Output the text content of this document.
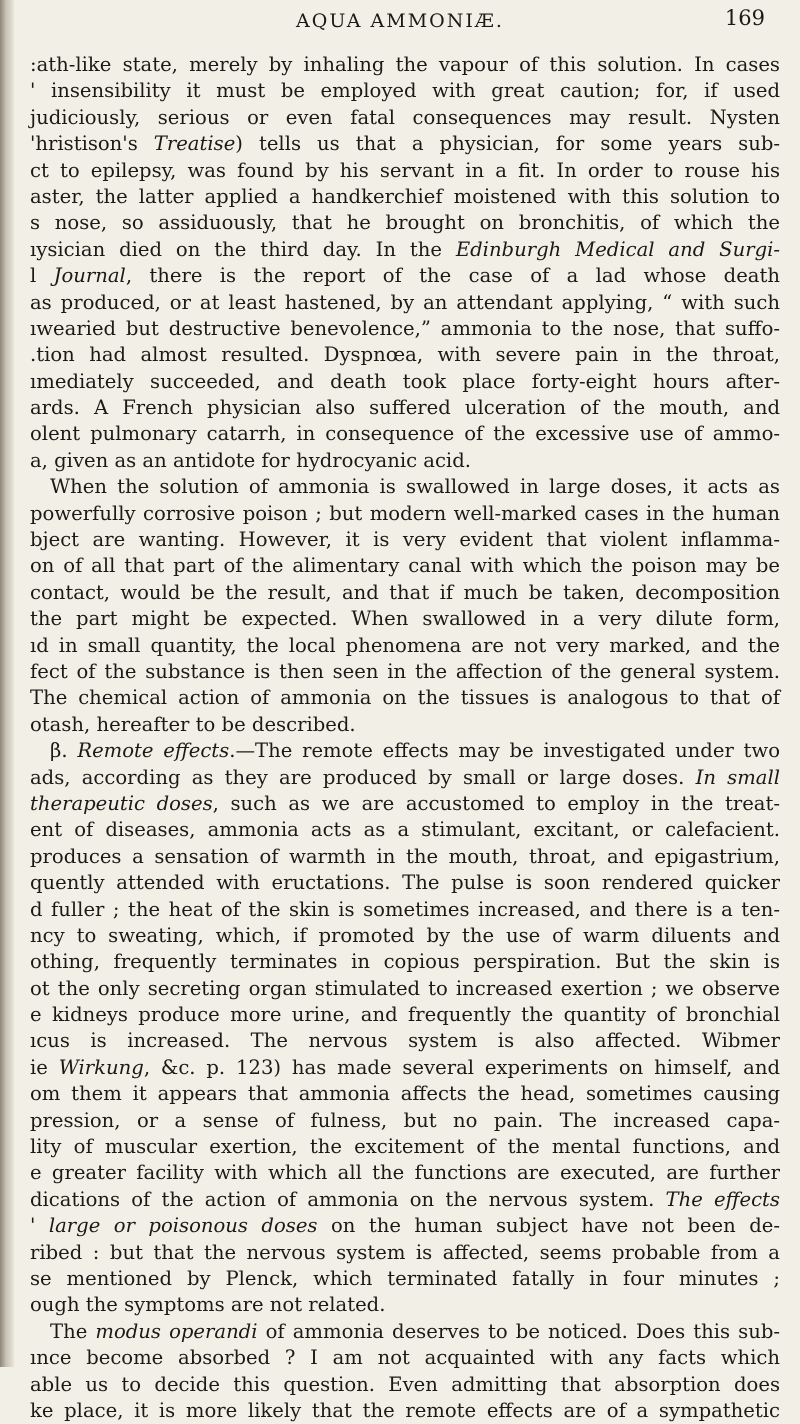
AQUA AMMONIÆ.	169
:ath-like state, merely by inhaling the vapour of this solution. In cases
' insensibility it must be employed with great caution; for, if used
judiciously, serious or even fatal consequences may result. Nysten
'hristison's Treatise) tells us that a physician, for some years sub-
ct to epilepsy, was found by his servant in a fit. In order to rouse his
aster, the latter applied a handkerchief moistened with this solution to
s nose, so assiduously, that he brought on bronchitis, of which the
ıysician died on the third day. In the Edinburgh Medical and Surgi-
l Journal, there is the report of the case of a lad whose death
as produced, or at least hastened, by an attendant applying, “ with such
ıwearied but destructive benevolence,” ammonia to the nose, that suffo-
.tion had almost resulted. Dyspnœa, with severe pain in the throat,
ımediately succeeded, and death took place forty-eight hours after-
ards. A French physician also suffered ulceration of the mouth, and
olent pulmonary catarrh, in consequence of the excessive use of ammo-
a, given as an antidote for hydrocyanic acid.
When the solution of ammonia is swallowed in large doses, it acts as
powerfully corrosive poison ; but modern well-marked cases in the human
bject are wanting. However, it is very evident that violent inflamma-
on of all that part of the alimentary canal with which the poison may be
contact, would be the result, and that if much be taken, decomposition
the part might be expected. When swallowed in a very dilute form,
ıd in small quantity, the local phenomena are not very marked, and the
fect of the substance is then seen in the affection of the general system.
The chemical action of ammonia on the tissues is analogous to that of
otash, hereafter to be described.
β. Remote effects.—The remote effects may be investigated under two
ads, according as they are produced by small or large doses. In small
therapeutic doses, such as we are accustomed to employ in the treat-
ent of diseases, ammonia acts as a stimulant, excitant, or calefacient.
produces a sensation of warmth in the mouth, throat, and epigastrium,
quently attended with eructations. The pulse is soon rendered quicker
d fuller ; the heat of the skin is sometimes increased, and there is a ten-
ncy to sweating, which, if promoted by the use of warm diluents and
othing, frequently terminates in copious perspiration. But the skin is
ot the only secreting organ stimulated to increased exertion ; we observe
e kidneys produce more urine, and frequently the quantity of bronchial
ıcus is increased. The nervous system is also affected. Wibmer
ie Wirkung, &c. p. 123) has made several experiments on himself, and
om them it appears that ammonia affects the head, sometimes causing
pression, or a sense of fulness, but no pain. The increased capa-
lity of muscular exertion, the excitement of the mental functions, and
e greater facility with which all the functions are executed, are further
dications of the action of ammonia on the nervous system. The effects
' large or poisonous doses on the human subject have not been de-
ribed : but that the nervous system is affected, seems probable from a
se mentioned by Plenck, which terminated fatally in four minutes ;
ough the symptoms are not related.
The modus operandi of ammonia deserves to be noticed. Does this sub-
ınce become absorbed ? I am not acquainted with any facts which
able us to decide this question. Even admitting that absorption does
ke place, it is more likely that the remote effects are of a sympathetic
